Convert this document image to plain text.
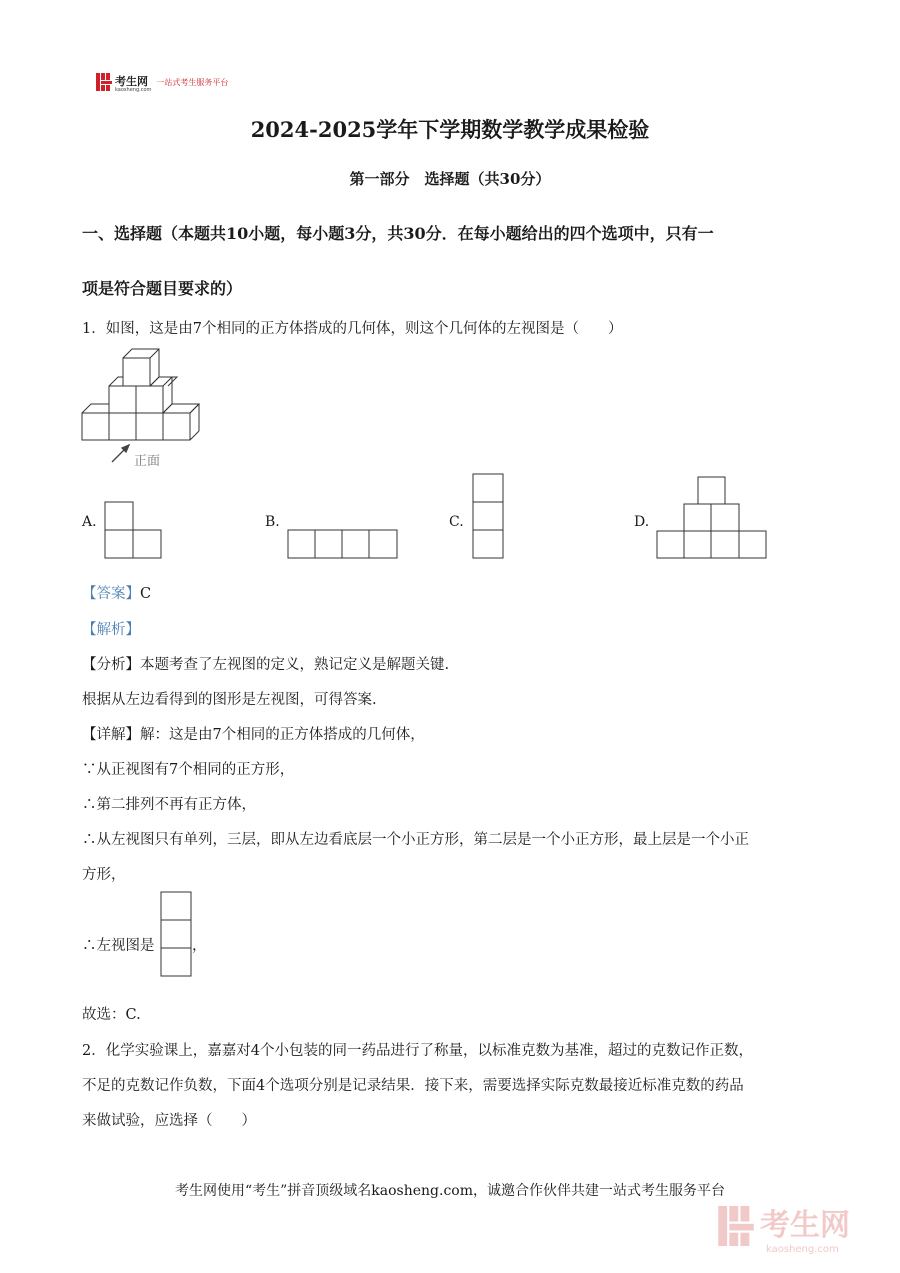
考生网
kaosheng.com
一站式考生服务平台
2024-2025学年下学期数学教学成果检验
第一部分　选择题（共30分）
一、选择题（本题共10小题，每小题3分，共30分．在每小题给出的四个选项中，只有一
项是符合题目要求的）
1．如图，这是由7个相同的正方体搭成的几何体，则这个几何体的左视图是（　　）
正面
A.	B.	C.	D.
【答案】C
【解析】
【分析】本题考查了左视图的定义，熟记定义是解题关键.
根据从左边看得到的图形是左视图，可得答案.
【详解】解：这是由7个相同的正方体搭成的几何体，
∵从正视图有7个相同的正方形，
∴第二排列不再有正方体，
∴从左视图只有单列，三层，即从左边看底层一个小正方形，第二层是一个小正方形，最上层是一个小正
方形，
∴左视图是	，
故选：C.
2．化学实验课上，嘉嘉对4个小包装的同一药品进行了称量，以标准克数为基准，超过的克数记作正数，
不足的克数记作负数，下面4个选项分别是记录结果．接下来，需要选择实际克数最接近标准克数的药品
来做试验，应选择（　　）
考生网使用“考生”拼音顶级域名kaosheng.com，诚邀合作伙伴共建一站式考生服务平台
考生网
kaosheng.com
